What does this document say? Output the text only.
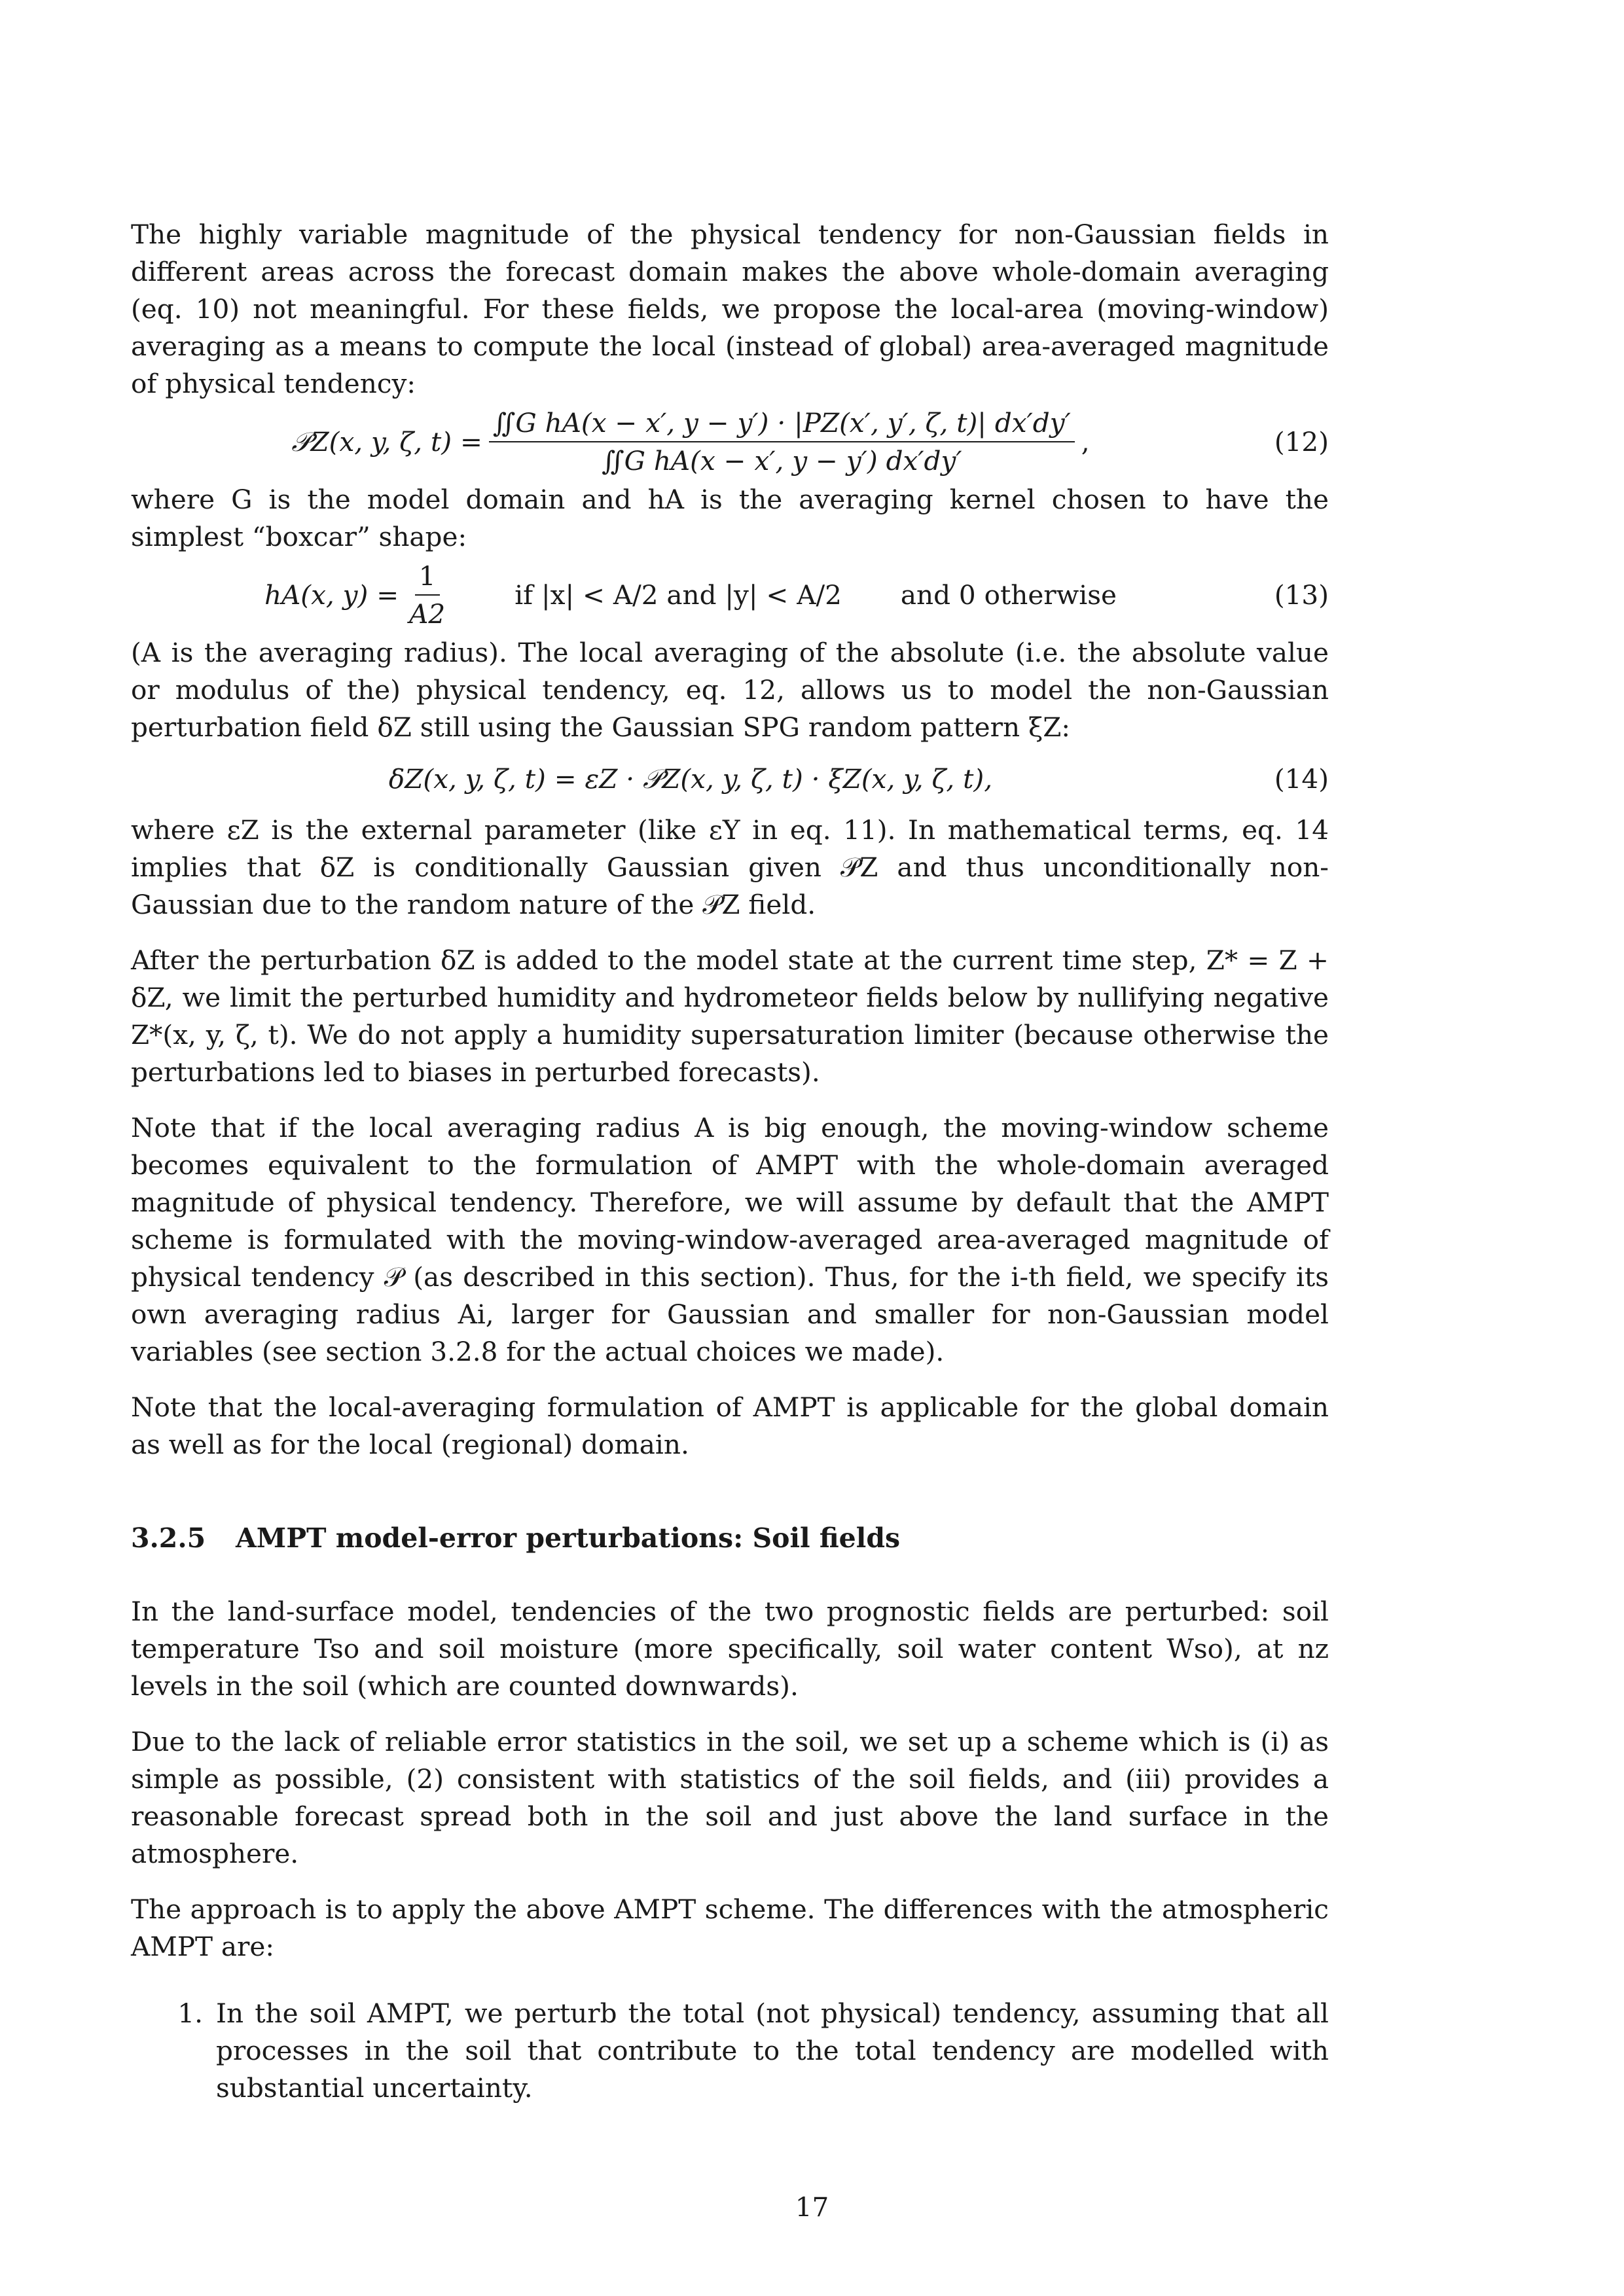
The highly variable magnitude of the physical tendency for non-Gaussian fields in different areas across the forecast domain makes the above whole-domain averaging (eq. 10) not meaningful. For these fields, we propose the local-area (moving-window) averaging as a means to compute the local (instead of global) area-averaged magnitude of physical tendency:

𝒫Z(x, y, ζ, $t) = \frac{\text{∬G hA(x − x′, y − y′) · |PZ(x′, y′, ζ, t)| dx′dy′}}{\text{∬G hA(x − x′, y − y′) dx′dy′}}$ ,	(12)

where G is the model domain and hA is the averaging kernel chosen to have the simplest “boxcar” shape:

hA(x, $y) = \frac{1}{A2}$ if |x| < A/2 and |y| < A/2 and 0 otherwise	(13)

(A is the averaging radius). The local averaging of the absolute (i.e. the absolute value or modulus of the) physical tendency, eq. 12, allows us to model the non-Gaussian perturbation field δZ still using the Gaussian SPG random pattern ξZ:

δZ(x, y, ζ, t) = εZ · 𝒫Z(x, y, ζ, t) · ξZ(x, y, ζ, t),	(14)

where εZ is the external parameter (like εY in eq. 11). In mathematical terms, eq. 14 implies that δZ is conditionally Gaussian given 𝒫Z and thus unconditionally non-Gaussian due to the random nature of the 𝒫Z field.

After the perturbation δZ is added to the model state at the current time step, Z* = Z + δZ, we limit the perturbed humidity and hydrometeor fields below by nullifying negative Z*(x, y, ζ, t). We do not apply a humidity supersaturation limiter (because otherwise the perturbations led to biases in perturbed forecasts).

Note that if the local averaging radius A is big enough, the moving-window scheme becomes equivalent to the formulation of AMPT with the whole-domain averaged magnitude of physical tendency. Therefore, we will assume by default that the AMPT scheme is formulated with the moving-window-averaged area-averaged magnitude of physical tendency 𝒫 (as described in this section). Thus, for the i-th field, we specify its own averaging radius Ai, larger for Gaussian and smaller for non-Gaussian model variables (see section 3.2.8 for the actual choices we made).

Note that the local-averaging formulation of AMPT is applicable for the global domain as well as for the local (regional) domain.

3.2.5 AMPT model-error perturbations: Soil fields

In the land-surface model, tendencies of the two prognostic fields are perturbed: soil temperature Tso and soil moisture (more specifically, soil water content Wso), at nz levels in the soil (which are counted downwards).

Due to the lack of reliable error statistics in the soil, we set up a scheme which is (i) as simple as possible, (2) consistent with statistics of the soil fields, and (iii) provides a reasonable forecast spread both in the soil and just above the land surface in the atmosphere.

The approach is to apply the above AMPT scheme. The differences with the atmospheric AMPT are:

1. In the soil AMPT, we perturb the total (not physical) tendency, assuming that all processes in the soil that contribute to the total tendency are modelled with substantial uncertainty.
17
